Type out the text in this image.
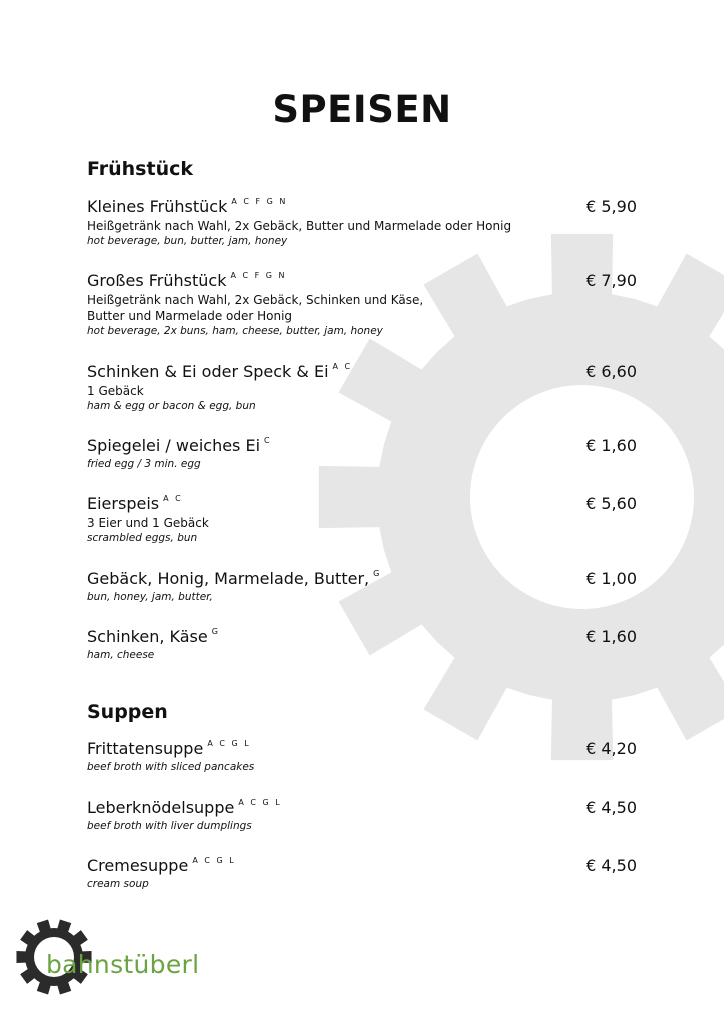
SPEISEN
Frühstück
Kleines Frühstück $^{A C F G N}$	€ 5,90
Heißgetränk nach Wahl, 2x Gebäck, Butter und Marmelade oder Honig
hot beverage, bun, butter, jam, honey
Großes Frühstück $^{A C F G N}$	€ 7,90
Heißgetränk nach Wahl, 2x Gebäck, Schinken und Käse,
Butter und Marmelade oder Honig
hot beverage, 2x buns, ham, cheese, butter, jam, honey
Schinken & Ei oder Speck & Ei $^{A C}$	€ 6,60
1 Gebäck
ham & egg or bacon & egg, bun
Spiegelei / weiches Ei $^C$	€ 1,60
fried egg / 3 min. egg
Eierspeis $^{A C}$	€ 5,60
3 Eier und 1 Gebäck
scrambled eggs, bun
Gebäck, Honig, Marmelade, Butter, $^G$	€ 1,00
bun, honey, jam, butter,
Schinken, Käse $^G$	€ 1,60
ham, cheese
Suppen
Frittatensuppe $^{A C G L}$	€ 4,20
beef broth with sliced pancakes
Leberknödelsuppe $^{A C G L}$	€ 4,50
beef broth with liver dumplings
Cremesuppe $^{A C G L}$	€ 4,50
cream soup
bahnstüberl
